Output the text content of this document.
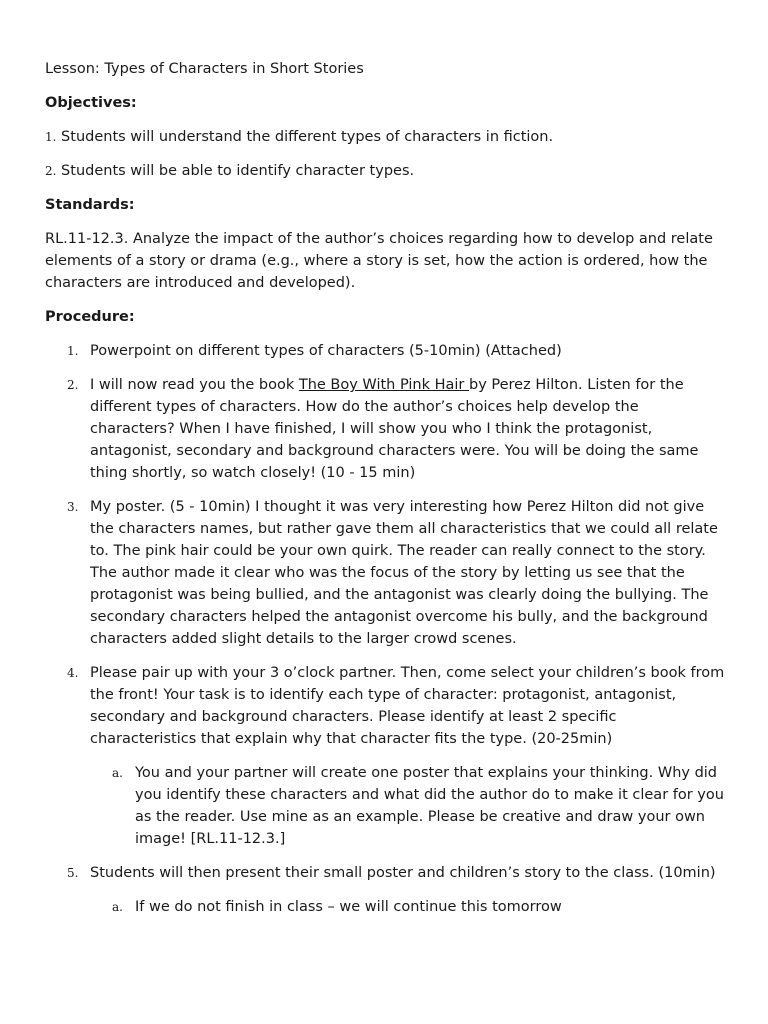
Lesson: Types of Characters in Short Stories

Objectives:

1. Students will understand the different types of characters in fiction.

2. Students will be able to identify character types.

Standards:

RL.11-12.3. Analyze the impact of the author’s choices regarding how to develop and relate elements of a story or drama (e.g., where a story is set, how the action is ordered, how the characters are introduced and developed).

Procedure:

1. Powerpoint on different types of characters (5-10min) (Attached)
2. I will now read you the book The Boy With Pink Hair by Perez Hilton. Listen for the different types of characters. How do the author’s choices help develop the characters? When I have finished, I will show you who I think the protagonist, antagonist, secondary and background characters were. You will be doing the same thing shortly, so watch closely! (10 - 15 min)
3. My poster. (5 - 10min) I thought it was very interesting how Perez Hilton did not give the characters names, but rather gave them all characteristics that we could all relate to. The pink hair could be your own quirk. The reader can really connect to the story. The author made it clear who was the focus of the story by letting us see that the protagonist was being bullied, and the antagonist was clearly doing the bullying. The secondary characters helped the antagonist overcome his bully, and the background characters added slight details to the larger crowd scenes.
4. Please pair up with your 3 o’clock partner. Then, come select your children’s book from the front! Your task is to identify each type of character: protagonist, antagonist, secondary and background characters. Please identify at least 2 specific characteristics that explain why that character fits the type. (20-25min)
a. You and your partner will create one poster that explains your thinking. Why did you identify these characters and what did the author do to make it clear for you as the reader. Use mine as an example. Please be creative and draw your own image! [RL.11-12.3.]
5. Students will then present their small poster and children’s story to the class. (10min)
a. If we do not finish in class – we will continue this tomorrow
